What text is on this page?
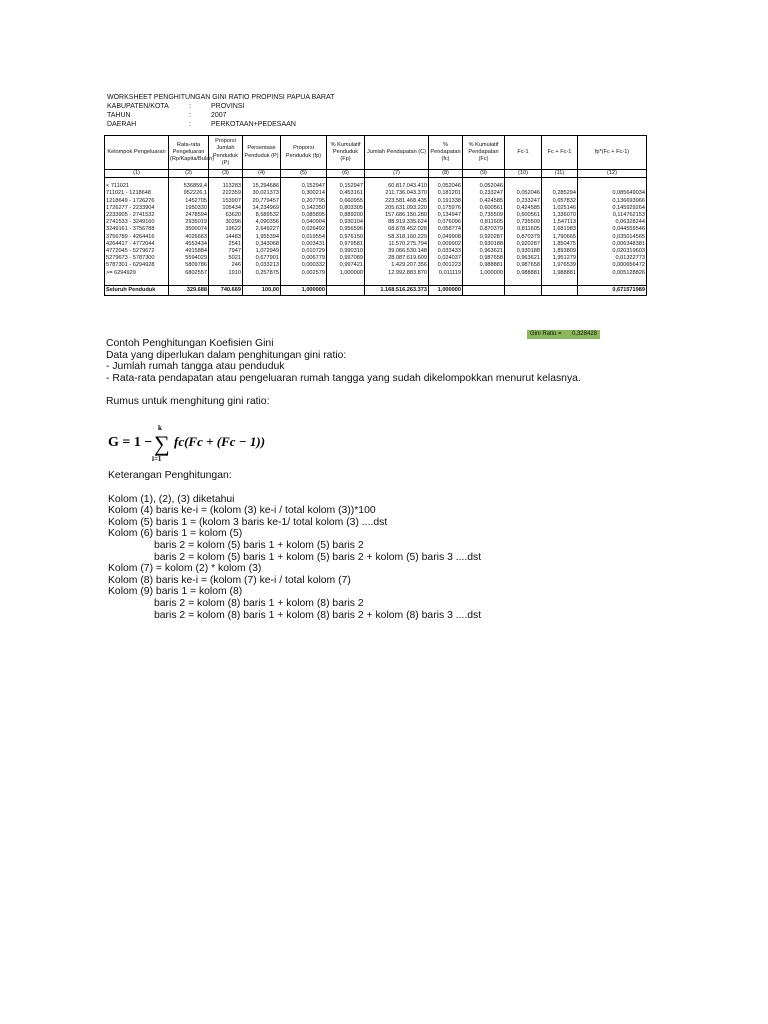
WORKSHEET PENGHITUNGAN GINI RATIO PROPINSI PAPUA BARAT
KABUPATEN/KOTA	:	PROVINSI
TAHUN	:	2007
DAERAH	:	PERKOTAAN+PEDESAAN
Kelompok Pengeluaran	Rata-rata Pengeluaran (Rp/Kapita/Bulan)	Proporsi Jumlah Penduduk (P)	Persentase Penduduk (P)	Proporsi Penduduk (fp)	% Kumulatif Penduduk (Fp)	Jumlah Pendapatan (C)	% Pendapatan (fc)	% Kumulatif Pendapatan (Fc)	Fc-1	Fc + Fc-1	fp*(Fc + Fc-1)
(1)	(2)	(3)	(4)	(5)	(6)	(7)	(8)	(9)	(10)	(11)	(12)

< 711021	536859,4	113283	15,294686	0,152947	0,152947	60.817.043.410	0,052046	0,052046			
711021 - 1218648	952226,1	222359	30,021373	0,300214	0,453161	211.736.043.370	0,181201	0,233247	0,052046	0,285294	0,085649034
1218649 - 1726276	1452705	153907	20,779457	0,207795	0,660955	223.581.468.435	0,191338	0,424585	0,233247	0,657832	0,136693966
1726277 - 2233904	1950330	105434	14,234969	0,142350	0,803305	205.631.093.220	0,175976	0,600561	0,424585	1,025146	0,145929264
2233905 - 2741532	2478594	63620	8,589532	0,085895	0,889200	157.686.150.280	0,134947	0,735509	0,600561	1,336070	0,114762153
2741533 - 3249160	2935019	30296	4,090356	0,040904	0,930104	88.919.335.624	0,076096	0,811605	0,735509	1,547113	0,06328244
3249161 - 3756788	3500074	19622	2,649227	0,026492	0,956596	68.678.452.028	0,058774	0,870379	0,811605	1,681983	0,044559546
3756789 - 4264416	4026663	14483	1,955394	0,019554	0,976150	58.318.160.229	0,049908	0,920287	0,870379	1,790665	0,035014565
4264417 - 4772044	4553434	2541	0,343068	0,003431	0,979581	11.570.275.794	0,009902	0,930188	0,920287	1,850475	0,006348381
4772045 - 5279672	4915884	7947	1,072949	0,010729	0,990310	39.066.530.148	0,033433	0,963621	0,930188	1,893809	0,020319603
5279673 - 5787300	5594029	5021	0,677901	0,006779	0,997089	28.087.619.609	0,024037	0,987658	0,963621	1,951279	0,01322773
5787301 - 6294928	5809786	246	0,033213	0,000332	0,997421	1.429.207.356	0,001223	0,988881	0,987658	1,976539	0,000656472
>= 6294929	6802557	1910	0,257875	0,002579	1,000000	12.992.883.870	0,011119	1,000000	0,988881	1,988881	0,005128826

Seluruh Penduduk	329.688	740.669	100,00	1,000000		1.168.516.263.373	1,000000				0,671571989
Gini Ratio = 0,328428

Contoh Penghitungan Koefisien Gini

Data yang diperlukan dalam penghitungan gini ratio:

- Jumlah rumah tangga atau penduduk

- Rata-rata pendapatan atau pengeluaran rumah tangga yang sudah dikelompokkan menurut kelasnya.

Rumus untuk menghitung gini ratio:

G = 1 − ∑
k
i=1
fc(Fc + (Fc − 1))

Keterangan Penghitungan:

Kolom (1), (2), (3) diketahui

Kolom (4) baris ke-i = (kolom (3) ke-i / total kolom (3))*100

Kolom (5) baris 1 = (kolom 3 baris ke-1/ total kolom (3) ....dst

Kolom (6) baris 1 = kolom (5)

baris 2 = kolom (5) baris 1 + kolom (5) baris 2

baris 2 = kolom (5) baris 1 + kolom (5) baris 2 + kolom (5) baris 3 ....dst

Kolom (7) = kolom (2) * kolom (3)

Kolom (8) baris ke-i = (kolom (7) ke-i / total kolom (7)

Kolom (9) baris 1 = kolom (8)

baris 2 = kolom (8) baris 1 + kolom (8) baris 2

baris 2 = kolom (8) baris 1 + kolom (8) baris 2 + kolom (8) baris 3 ....dst
